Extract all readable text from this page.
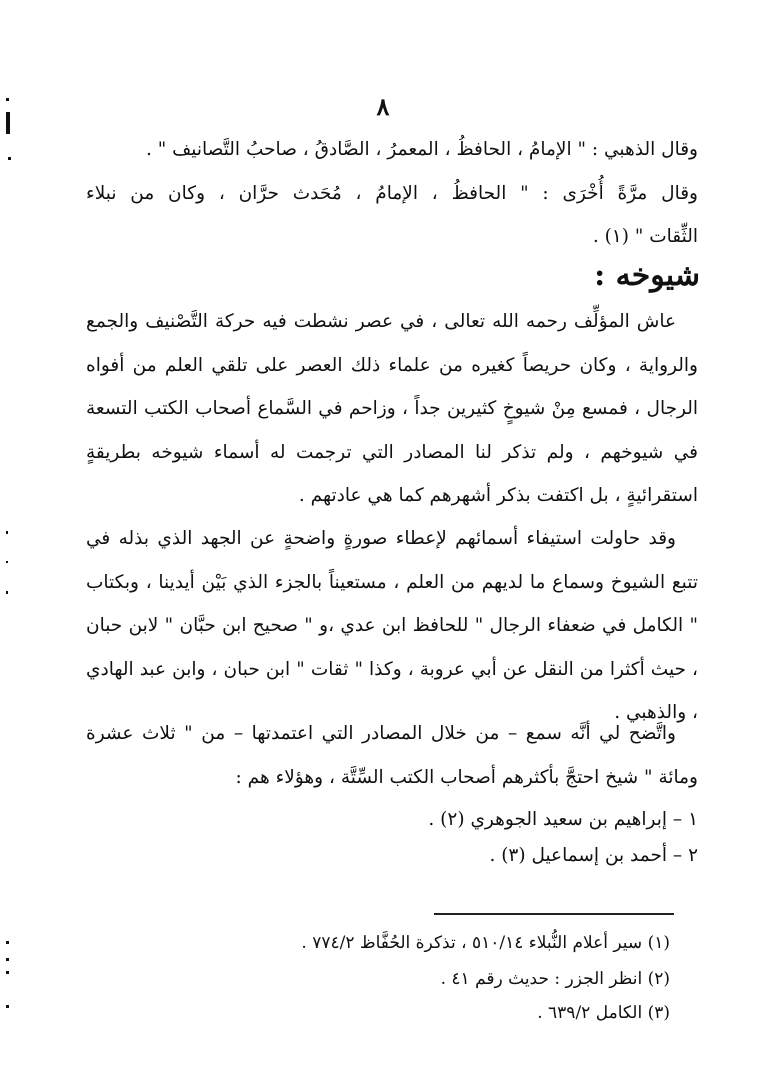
٨
وقال الذهبي : " الإمامُ ، الحافظُ ، المعمرُ ، الصَّادقُ ، صاحبُ التَّصانيف " .
وقال مرَّةً أُخْرَى : " الحافظُ ، الإمامُ ، مُحَدث حرَّان ، وكان من نبلاء
الثِّقات " (١) .
شيوخه :

عاش المؤلِّف رحمه الله تعالى ، في عصر نشطت فيه حركة التَّصْنيف والجمع والرواية ، وكان حريصاً كغيره من علماء ذلك العصر على تلقي العلم من أفواه الرجال ، فمسع مِنْ شيوخٍ كثيرين جداً ، وزاحم في السَّماع أصحاب الكتب التسعة في شيوخهم ، ولم تذكر لنا المصادر التي ترجمت له أسماء شيوخه بطريقةٍ استقرائيةٍ ، بل اكتفت بذكر أشهرهم كما هي عادتهم .

وقد حاولت استيفاء أسمائهم لإعطاء صورةٍ واضحةٍ عن الجهد الذي بذله في تتبع الشيوخ وسماع ما لديهم من العلم ، مستعيناً بالجزء الذي بَيْن أيدينا ، وبكتاب " الكامل في ضعفاء الرجال " للحافظ ابن عدي ،و " صحيح ابن حبَّان " لابن حبان ، حيث أكثرا من النقل عن أبي عروبة ، وكذا " ثقات " ابن حبان ، وابن عبد الهادي ، والذهبي .

واتَّضح لي أنَّه سمع – من خلال المصادر التي اعتمدتها – من " ثلاث عشرة ومائة " شيخ احتجَّ بأكثرهم أصحاب الكتب السِّتَّة ، وهؤلاء هم :

١ – إبراهيم بن سعيد الجوهري (٢) .
٢ – أحمد بن إسماعيل (٣) .
(١) سير أعلام النُّبلاء ٥١٠/١٤ ، تذكرة الحُفَّاظ ٧٧٤/٢ .
(٢) انظر الجزر : حديث رقم ٤١ .
(٣) الكامل ٦٣٩/٢ .
